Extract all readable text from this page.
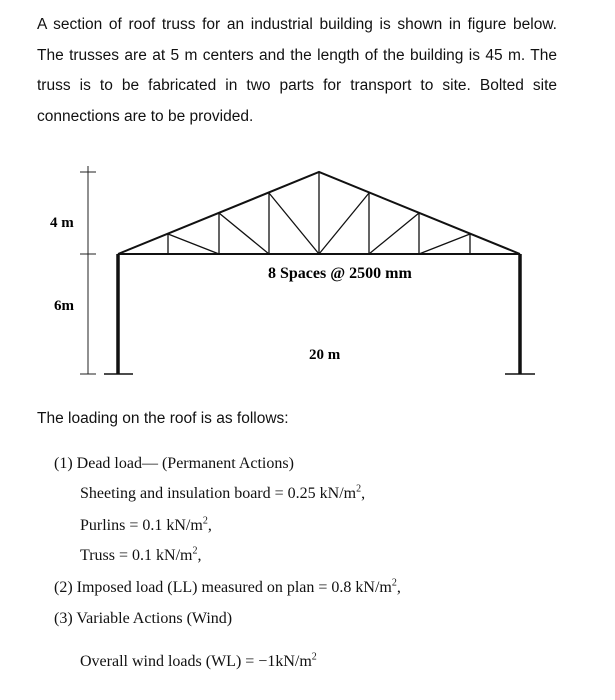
A section of roof truss for an industrial building is shown in figure below. The trusses are at 5 m centers and the length of the building is 45 m. The truss is to be fabricated in two parts for transport to site. Bolted site connections are to be provided.

4 m
6m
8 Spaces @ 2500 mm
20 m
The loading on the roof is as follows:
(1) Dead load— (Permanent Actions)
Sheeting and insulation board = 0.25 $kN/m^2$,
Purlins = 0.1 $kN/m^2$,
Truss = 0.1 $kN/m^2$,
(2) Imposed load (LL) measured on plan = 0.8 $kN/m^2$,
(3) Variable Actions (Wind)
Overall wind loads $(WL) = -1kN/m^2$
